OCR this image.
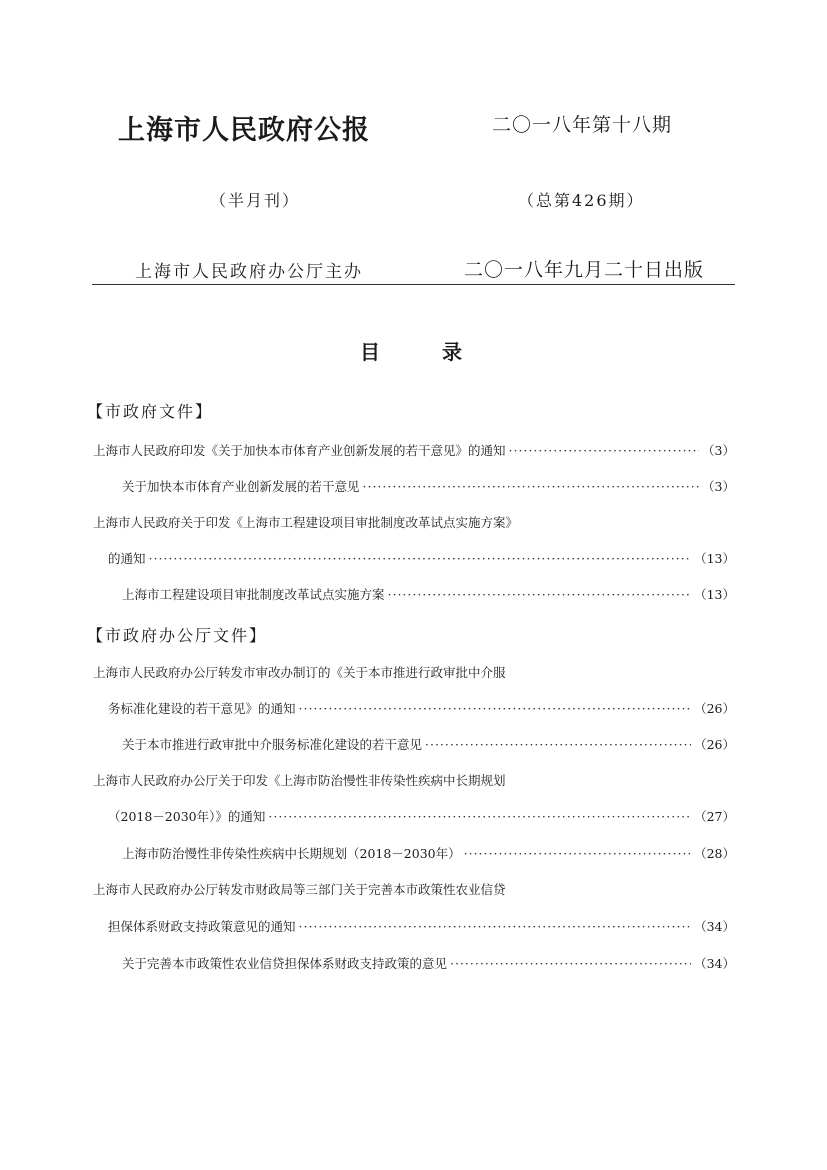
上海市人民政府公报	二〇一八年第十八期
（半月刊）	（总第426期）
上海市人民政府办公厅主办	二〇一八年九月二十日出版
目录
【市政府文件】
上海市人民政府印发《关于加快本市体育产业创新发展的若干意见》的通知 ·····	（3）
关于加快本市体育产业创新发展的若干意见 ·····	（3）
上海市人民政府关于印发《上海市工程建设项目审批制度改革试点实施方案》
的通知 ·····	（13）
上海市工程建设项目审批制度改革试点实施方案 ·····	（13）
【市政府办公厅文件】
上海市人民政府办公厅转发市审改办制订的《关于本市推进行政审批中介服
务标准化建设的若干意见》的通知 ·····	（26）
关于本市推进行政审批中介服务标准化建设的若干意见 ·····	（26）
上海市人民政府办公厅关于印发《上海市防治慢性非传染性疾病中长期规划
（2018－2030年）》的通知 ·····	（27）
上海市防治慢性非传染性疾病中长期规划（2018－2030年） ·····	（28）
上海市人民政府办公厅转发市财政局等三部门关于完善本市政策性农业信贷
担保体系财政支持政策意见的通知 ·····	（34）
关于完善本市政策性农业信贷担保体系财政支持政策的意见 ·····	（34）
